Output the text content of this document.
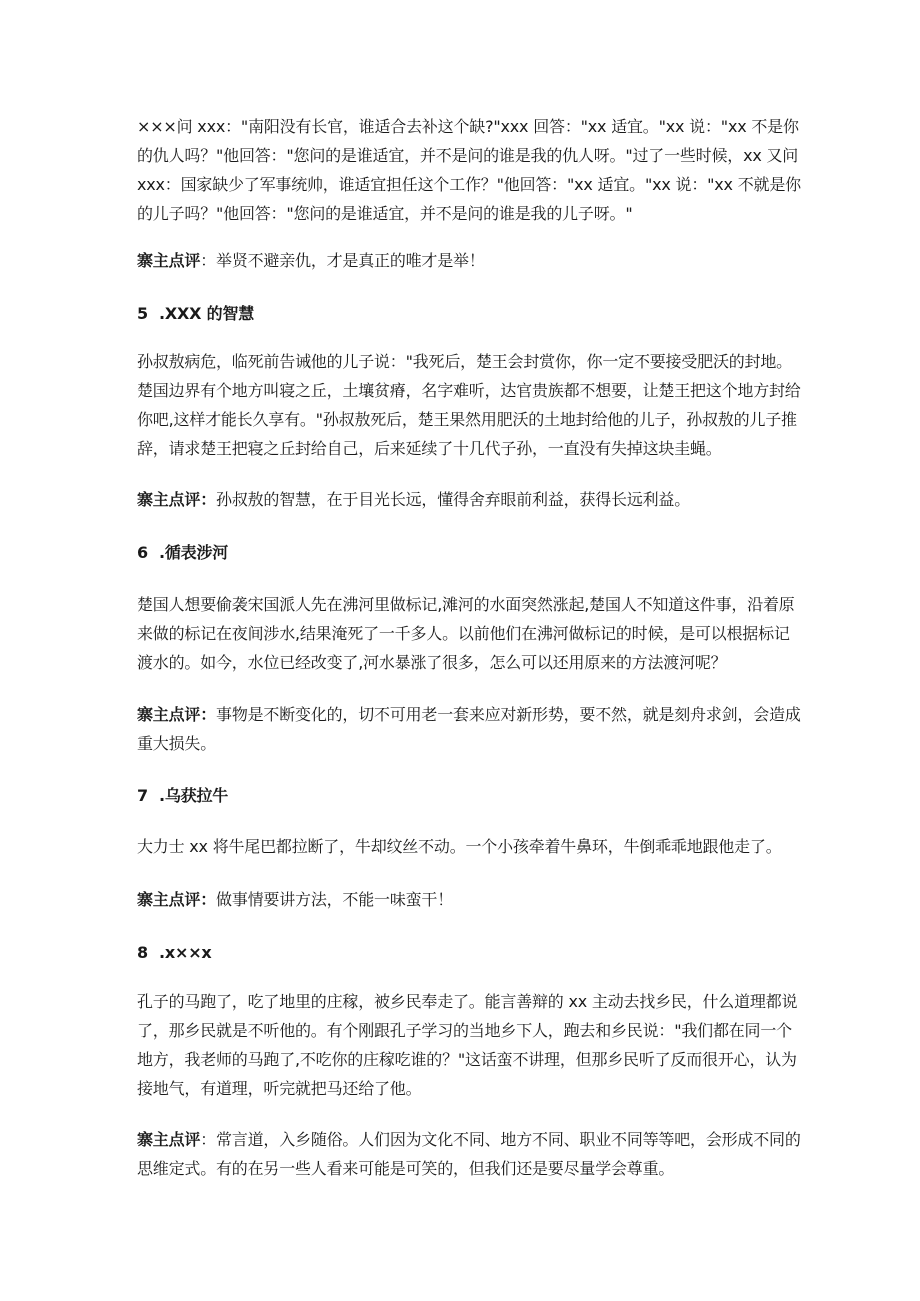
×××问 xxx："南阳没有长官，谁适合去补这个缺?"xxx 回答："xx 适宜。"xx 说："xx 不是你的仇人吗？"他回答："您问的是谁适宜，并不是问的谁是我的仇人呀。"过了一些时候，xx 又问 xxx：国家缺少了军事统帅，谁适宜担任这个工作？"他回答："xx 适宜。"xx 说："xx 不就是你的儿子吗？"他回答："您问的是谁适宜，并不是问的谁是我的儿子呀。"

寨主点评：举贤不避亲仇，才是真正的唯才是举！

5 .XXX 的智慧

孙叔敖病危，临死前告诫他的儿子说："我死后，楚王会封赏你，你一定不要接受肥沃的封地。楚国边界有个地方叫寝之丘，土壤贫瘠，名字难听，达官贵族都不想要，让楚王把这个地方封给你吧,这样才能长久享有。"孙叔敖死后，楚王果然用肥沃的土地封给他的儿子，孙叔敖的儿子推辞，请求楚王把寝之丘封给自己，后来延续了十几代子孙，一直没有失掉这块圭蝇。

寨主点评：孙叔敖的智慧，在于目光长远，懂得舍弃眼前利益，获得长远利益。

6 .循表涉河

楚国人想要偷袭宋国派人先在沸河里做标记,滩河的水面突然涨起,楚国人不知道这件事，沿着原来做的标记在夜间涉水,结果淹死了一千多人。以前他们在沸河做标记的时候，是可以根据标记渡水的。如今，水位已经改变了,河水暴涨了很多，怎么可以还用原来的方法渡河呢？

寨主点评：事物是不断变化的，切不可用老一套来应对新形势，要不然，就是刻舟求剑，会造成重大损失。

7 .乌获拉牛

大力士 xx 将牛尾巴都拉断了，牛却纹丝不动。一个小孩牵着牛鼻环，牛倒乖乖地跟他走了。

寨主点评：做事情要讲方法，不能一味蛮干！

8 .x××x

孔子的马跑了，吃了地里的庄稼，被乡民奉走了。能言善辩的 xx 主动去找乡民，什么道理都说了，那乡民就是不听他的。有个刚跟孔子学习的当地乡下人，跑去和乡民说："我们都在同一个地方，我老师的马跑了,不吃你的庄稼吃谁的？"这话蛮不讲理，但那乡民听了反而很开心，认为接地气，有道理，听完就把马还给了他。

寨主点评：常言道，入乡随俗。人们因为文化不同、地方不同、职业不同等等吧，会形成不同的思维定式。有的在另一些人看来可能是可笑的，但我们还是要尽量学会尊重。
